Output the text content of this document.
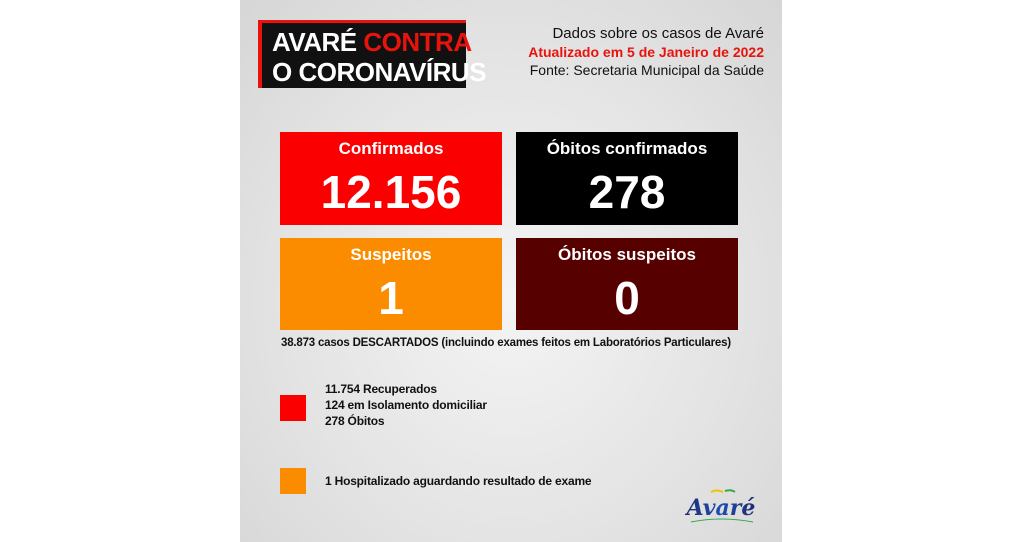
AVARÉ CONTRA
O CORONAVÍRUS
Dados sobre os casos de Avaré
Atualizado em 5 de Janeiro de 2022
Fonte: Secretaria Municipal da Saúde
Confirmados
12.156
Óbitos confirmados
278
Suspeitos
1
Óbitos suspeitos
0
38.873 casos DESCARTADOS (incluindo exames feitos em Laboratórios Particulares)
11.754 Recuperados
124 em Isolamento domiciliar
278 Óbitos
1 Hospitalizado aguardando resultado de exame
Avaré
